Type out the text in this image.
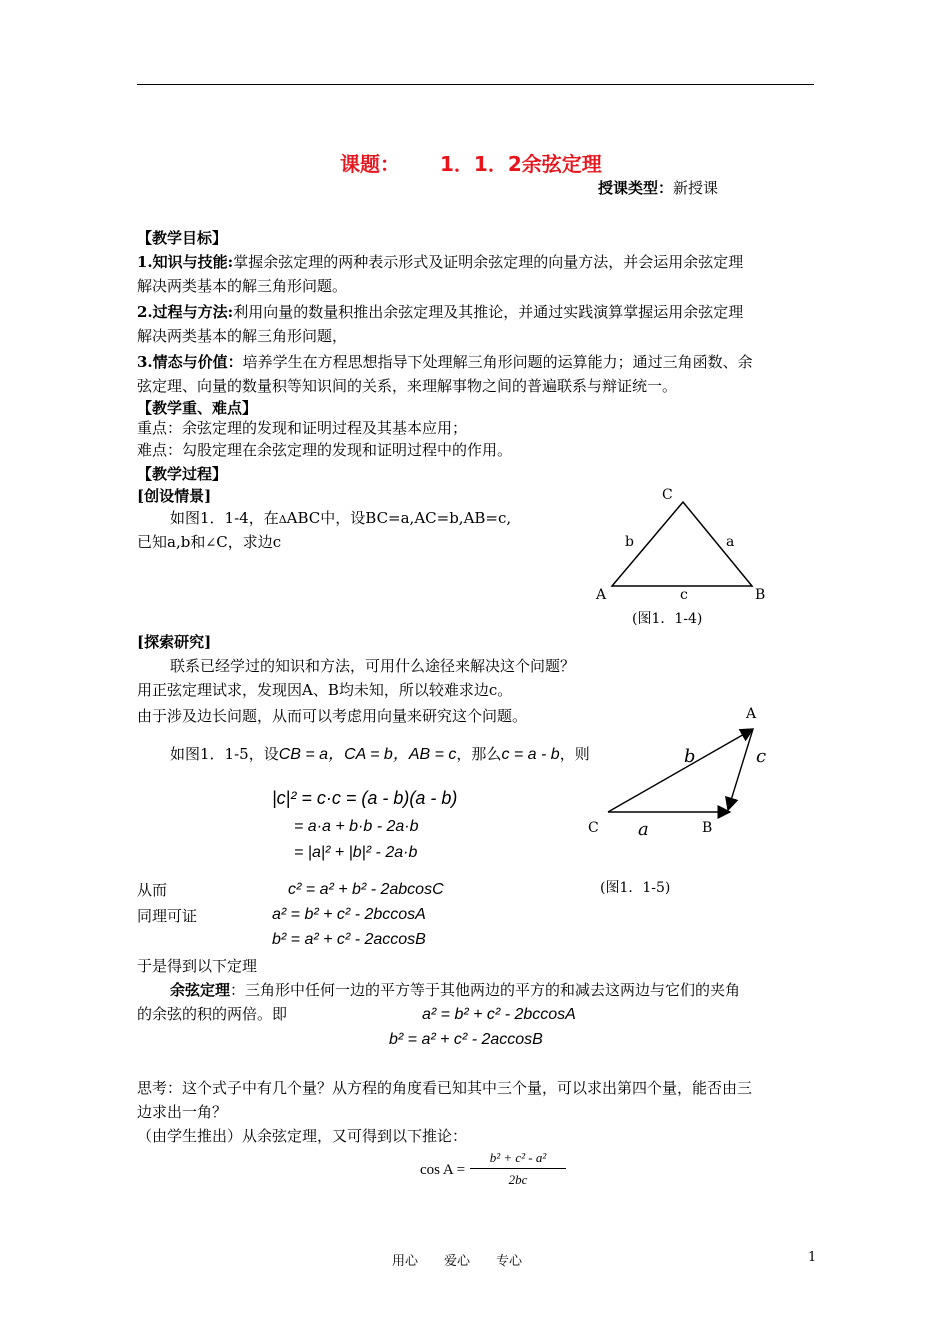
课题： 1．1．2余弦定理
授课类型：新授课
【教学目标】
1.知识与技能:掌握余弦定理的两种表示形式及证明余弦定理的向量方法，并会运用余弦定理
解决两类基本的解三角形问题。
2.过程与方法:利用向量的数量积推出余弦定理及其推论，并通过实践演算掌握运用余弦定理
解决两类基本的解三角形问题，
3.情态与价值：培养学生在方程思想指导下处理解三角形问题的运算能力；通过三角函数、余
弦定理、向量的数量积等知识间的关系，来理解事物之间的普遍联系与辩证统一。
【教学重、难点】
重点：余弦定理的发现和证明过程及其基本应用；
难点：勾股定理在余弦定理的发现和证明过程中的作用。
【教学过程】
[创设情景]
如图1．1-4，在ΔABC中，设BC=a,AC=b,AB=c,
已知a,b和∠C，求边c
C
b	a
c
A	B
(图1．1-4)
[探索研究]
联系已经学过的知识和方法，可用什么途径来解决这个问题？
用正弦定理试求，发现因A、B均未知，所以较难求边c。
由于涉及边长问题，从而可以考虑用向量来研究这个问题。
如图1．1-5，设CB = a，CA = b，AB = c，那么c = a - b，则
A
b	c
C	B
a
(图1．1-5)
|c|² = c·c = (a - b)(a - b)
= a·a + b·b - 2a·b
= |a|² + |b|² - 2a·b
从而	c² = a² + b² - 2abcosC
同理可证	a² = b² + c² - 2bccosA
b² = a² + c² - 2accosB
于是得到以下定理
余弦定理：三角形中任何一边的平方等于其他两边的平方的和减去这两边与它们的夹角
的余弦的积的两倍。即	a² = b² + c² - 2bccosA
b² = a² + c² - 2accosB
思考：这个式子中有几个量？从方程的角度看已知其中三个量，可以求出第四个量，能否由三
边求出一角？
（由学生推出）从余弦定理，又可得到以下推论：
cos A =
b² + c² - a²
2bc
用心　　爱心　　专心	1
